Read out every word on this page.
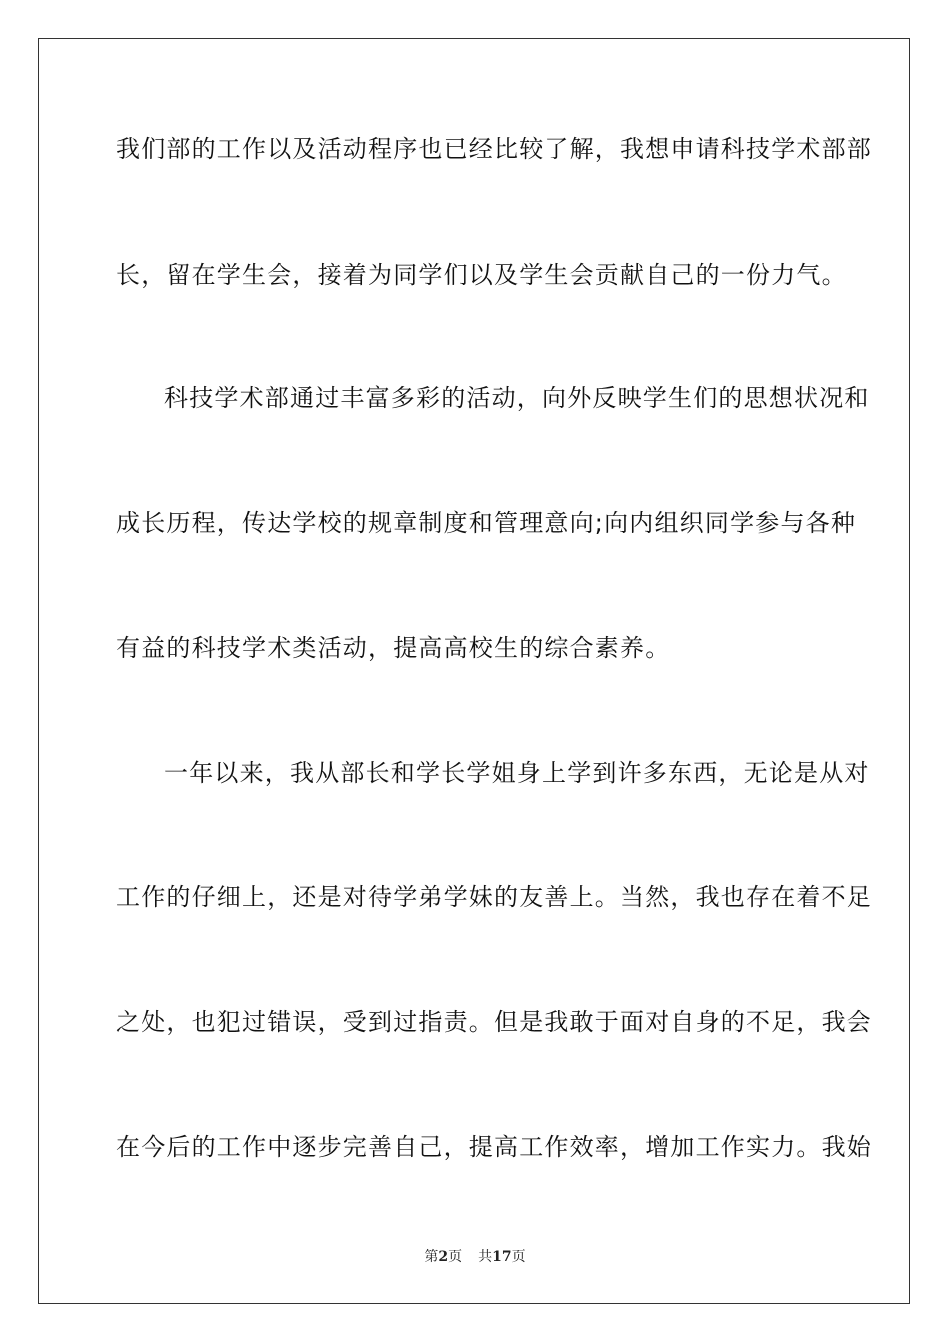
我们部的工作以及活动程序也已经比较了解，我想申请科技学术部部
长，留在学生会，接着为同学们以及学生会贡献自己的一份力气。
科技学术部通过丰富多彩的活动，向外反映学生们的思想状况和
成长历程，传达学校的规章制度和管理意向;向内组织同学参与各种
有益的科技学术类活动，提高高校生的综合素养。
一年以来，我从部长和学长学姐身上学到许多东西，无论是从对
工作的仔细上，还是对待学弟学妹的友善上。当然，我也存在着不足
之处，也犯过错误，受到过指责。但是我敢于面对自身的不足，我会
在今后的工作中逐步完善自己，提高工作效率，增加工作实力。我始
第2页 共17页
